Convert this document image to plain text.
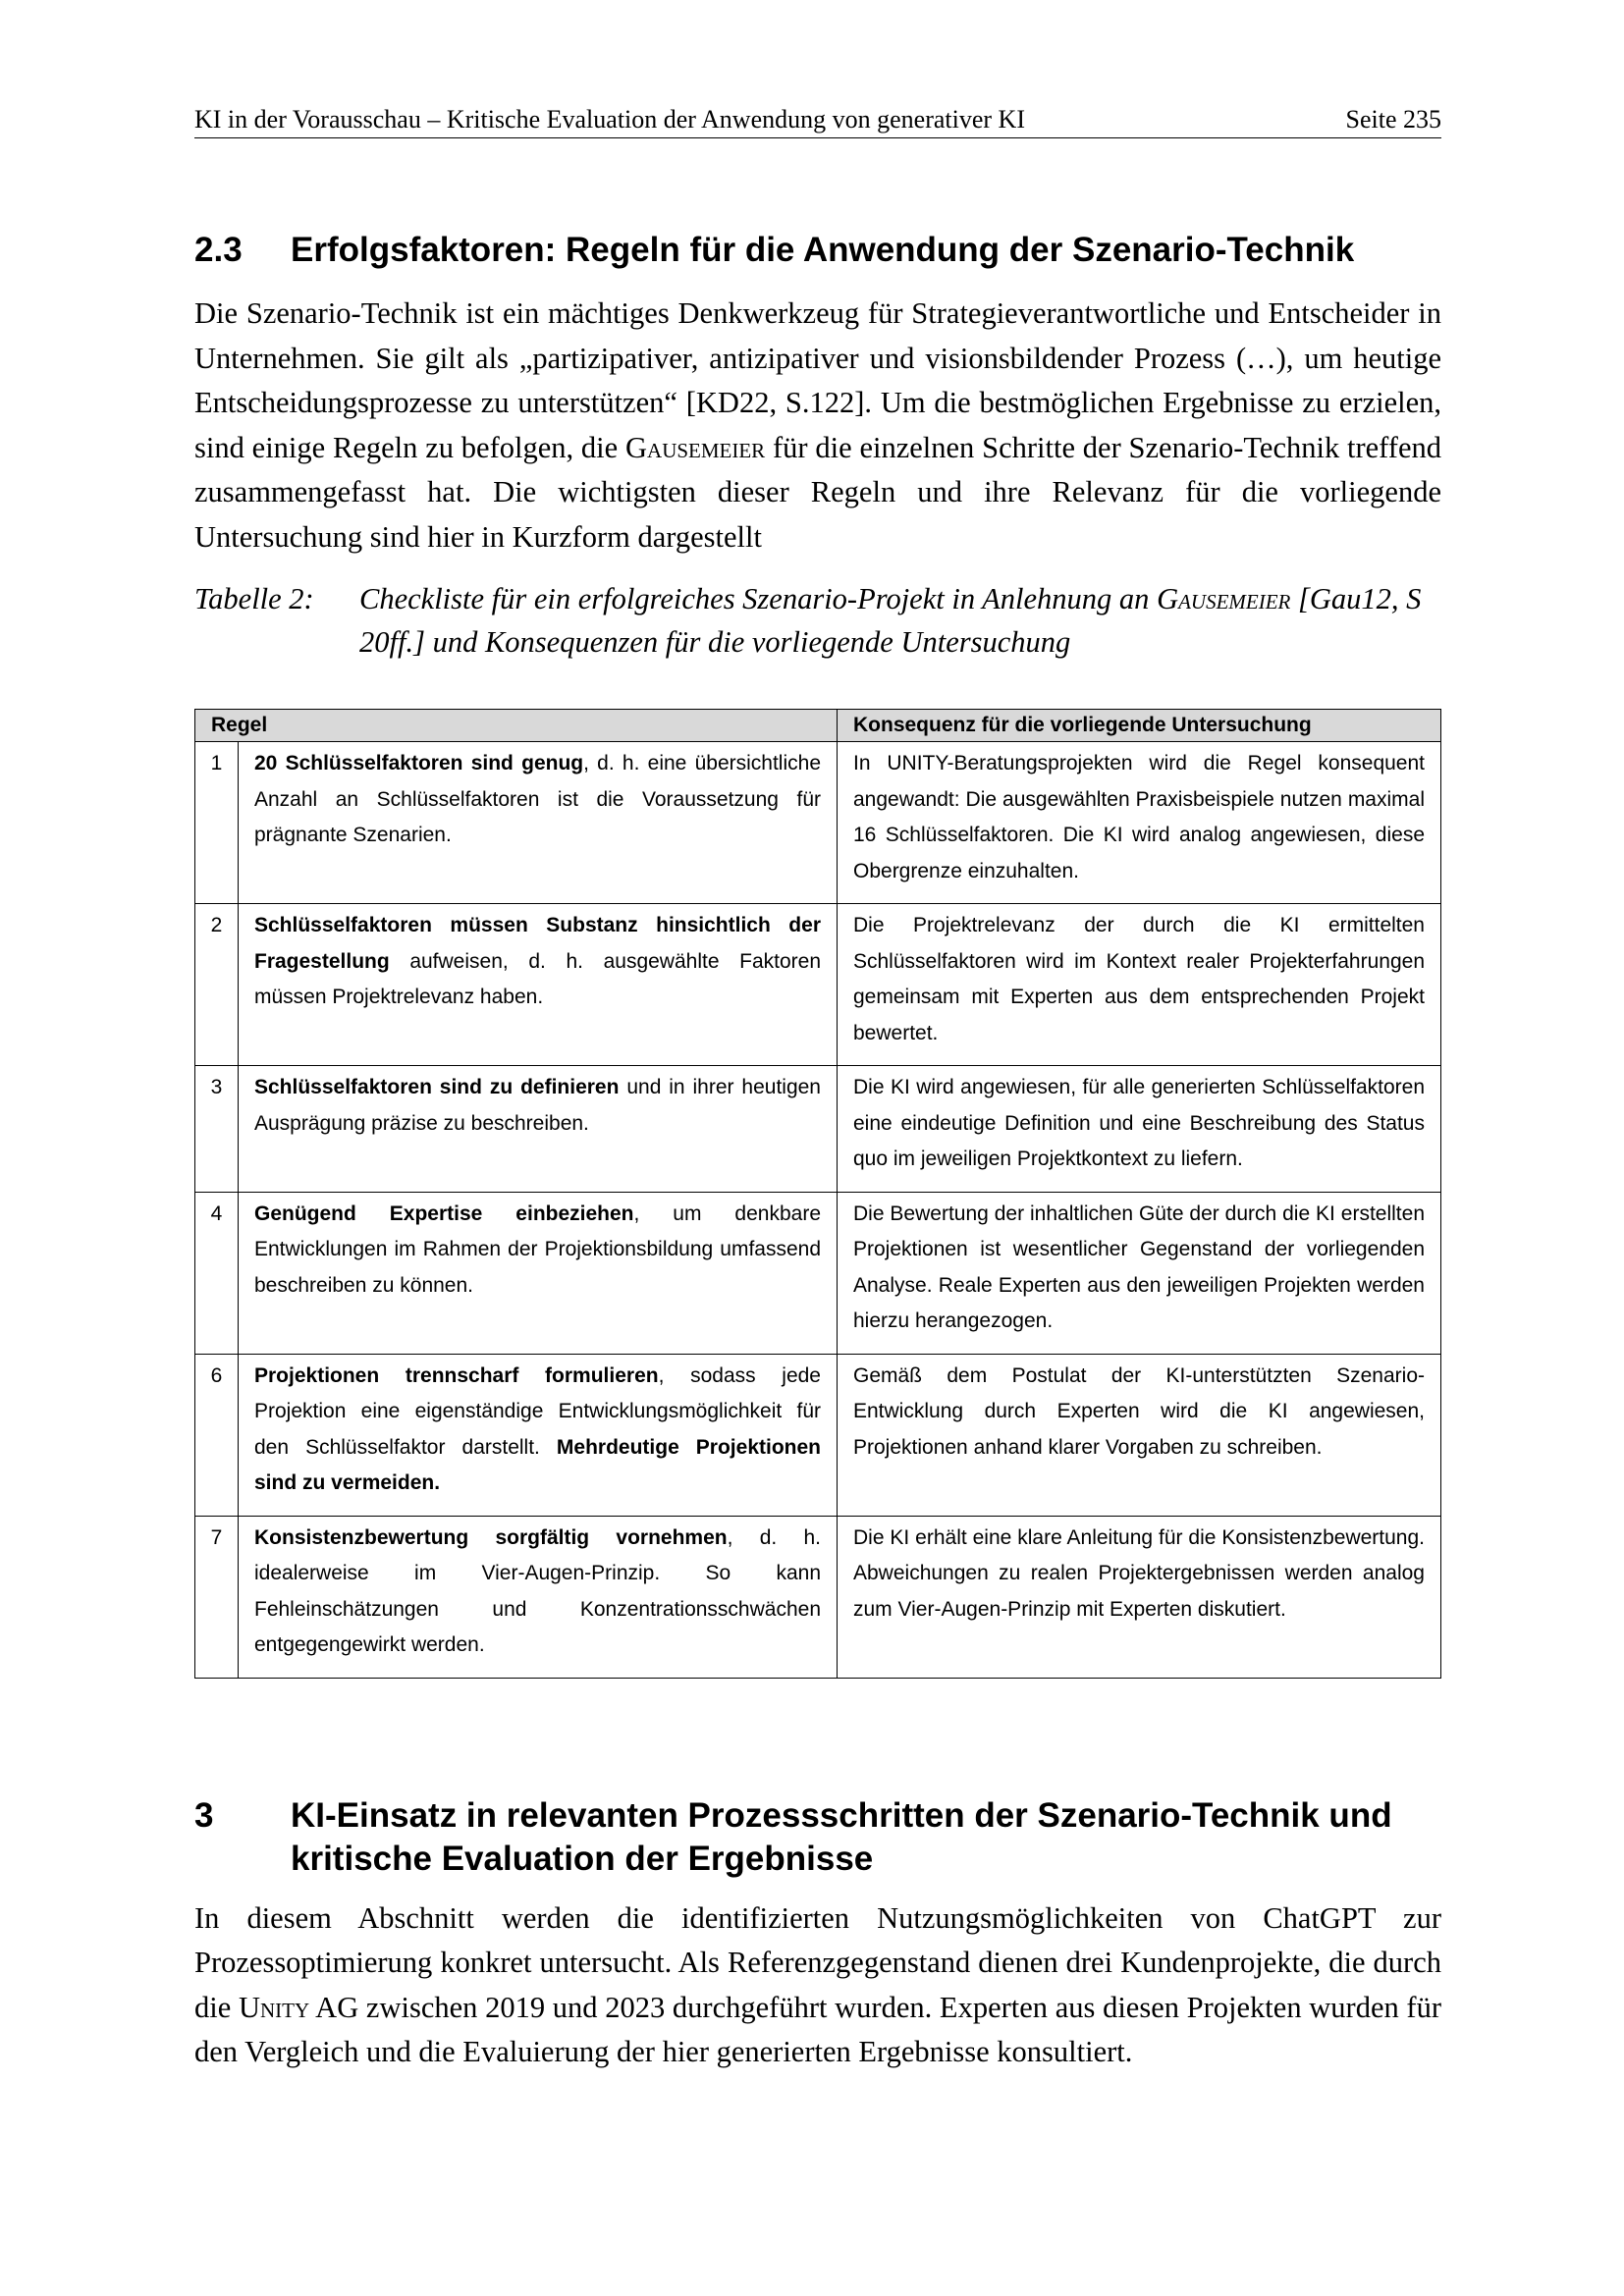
KI in der Vorausschau – Kritische Evaluation der Anwendung von generativer KI	Seite 235
2.3	Erfolgsfaktoren: Regeln für die Anwendung der Szenario-Technik

Die Szenario-Technik ist ein mächtiges Denkwerkzeug für Strategieverantwortliche und Entscheider in Unternehmen. Sie gilt als „partizipativer, antizipativer und visionsbildender Prozess (…), um heutige Entscheidungsprozesse zu unterstützen“ [KD22, S.122]. Um die bestmöglichen Ergebnisse zu erzielen, sind einige Regeln zu befolgen, die Gausemeier für die einzelnen Schritte der Szenario-Technik treffend zusammengefasst hat. Die wichtigsten dieser Regeln und ihre Relevanz für die vorliegende Untersuchung sind hier in Kurzform dargestellt

Tabelle 2:	Checkliste für ein erfolgreiches Szenario-Projekt in Anlehnung an Gausemeier [Gau12, S 20ff.] und Konsequenzen für die vorliegende Untersuchung
Regel		Konsequenz für die vorliegende Untersuchung
1	20 Schlüsselfaktoren sind genug, d. h. eine übersichtliche Anzahl an Schlüsselfaktoren ist die Voraussetzung für prägnante Szenarien.	In UNITY-Beratungsprojekten wird die Regel konsequent angewandt: Die ausgewählten Praxisbeispiele nutzen maximal 16 Schlüsselfaktoren. Die KI wird analog angewiesen, diese Obergrenze einzuhalten.
2	Schlüsselfaktoren müssen Substanz hinsichtlich der Fragestellung aufweisen, d. h. ausgewählte Faktoren müssen Projektrelevanz haben.	Die Projektrelevanz der durch die KI ermittelten Schlüsselfaktoren wird im Kontext realer Projekterfahrungen gemeinsam mit Experten aus dem entsprechenden Projekt bewertet.
3	Schlüsselfaktoren sind zu definieren und in ihrer heutigen Ausprägung präzise zu beschreiben.	Die KI wird angewiesen, für alle generierten Schlüsselfaktoren eine eindeutige Definition und eine Beschreibung des Status quo im jeweiligen Projektkontext zu liefern.
4	Genügend Expertise einbeziehen, um denkbare Entwicklungen im Rahmen der Projektionsbildung umfassend beschreiben zu können.	Die Bewertung der inhaltlichen Güte der durch die KI erstellten Projektionen ist wesentlicher Gegenstand der vorliegenden Analyse. Reale Experten aus den jeweiligen Projekten werden hierzu herangezogen.
6	Projektionen trennscharf formulieren, sodass jede Projektion eine eigenständige Entwicklungsmöglichkeit für den Schlüsselfaktor darstellt. Mehrdeutige Projektionen sind zu vermeiden.	Gemäß dem Postulat der KI-unterstützten Szenario-Entwicklung durch Experten wird die KI angewiesen, Projektionen anhand klarer Vorgaben zu schreiben.
7	Konsistenzbewertung sorgfältig vornehmen, d. h. idealerweise im Vier-Augen-Prinzip. So kann Fehleinschätzungen und Konzentrationsschwächen entgegengewirkt werden.	Die KI erhält eine klare Anleitung für die Konsistenzbewertung. Abweichungen zu realen Projektergebnissen werden analog zum Vier-Augen-Prinzip mit Experten diskutiert.
3	KI-Einsatz in relevanten Prozessschritten der Szenario-Technik und kritische Evaluation der Ergebnisse

In diesem Abschnitt werden die identifizierten Nutzungsmöglichkeiten von ChatGPT zur Prozessoptimierung konkret untersucht. Als Referenzgegenstand dienen drei Kundenprojekte, die durch die Unity AG zwischen 2019 und 2023 durchgeführt wurden. Experten aus diesen Projekten wurden für den Vergleich und die Evaluierung der hier generierten Ergebnisse konsultiert.
